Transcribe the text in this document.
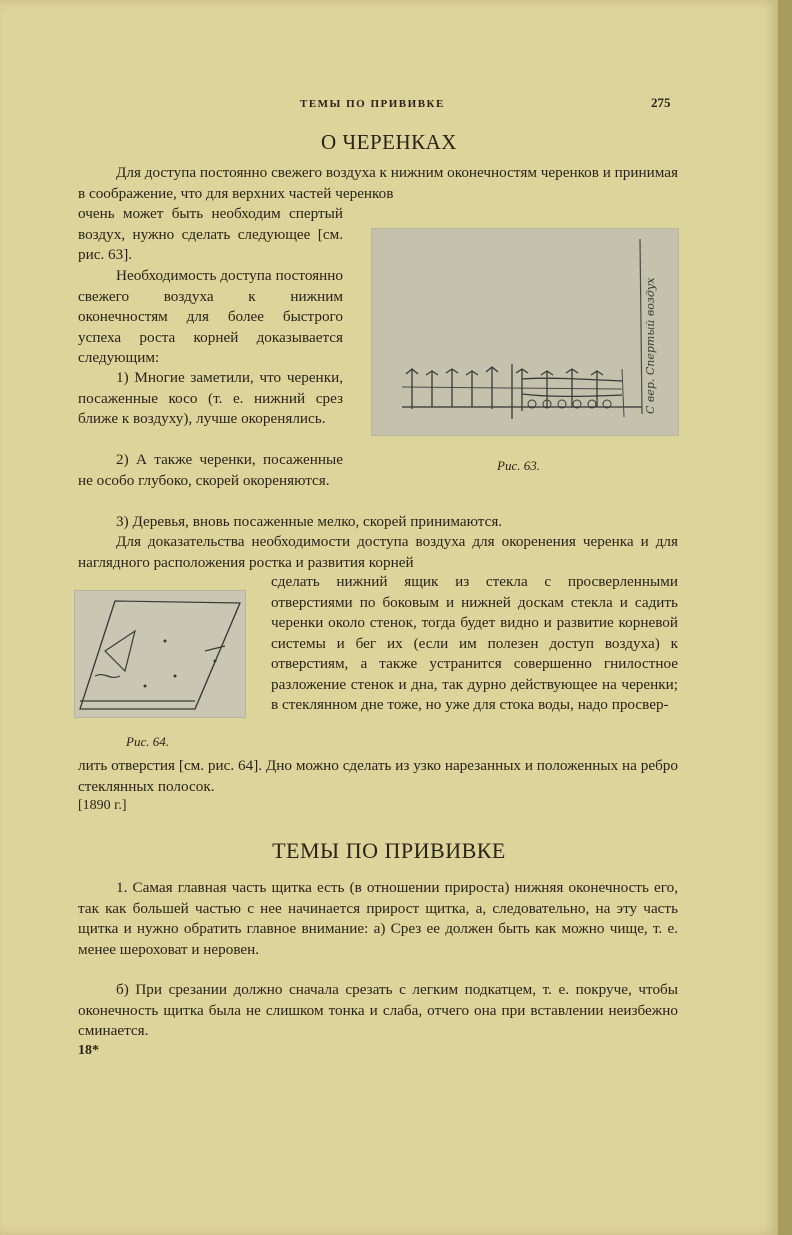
ТЕМЫ ПО ПРИВИВКЕ	275
О ЧЕРЕНКАХ

Для доступа постоянно свежего воздуха к нижним оконечностям черенков и принимая в соображение, что для верхних частей черенков

очень может быть необходим спертый воздух, нужно сделать следующее [см. рис. 63].

Необходимость доступа постоянно свежего воздуха к нижним оконечностям для более быстрого успеха роста корней доказывается следующим:

1) Многие заметили, что черенки, посаженные косо (т. е. нижний срез ближе к воздуху), лучше окоренялись.

2) А также черенки, посаженные не особо глубоко, скорей окореняются.

С вер. Спертый воздух
Рис. 63.

3) Деревья, вновь посаженные мелко, скорей принимаются.

Для доказательства необходимости доступа воздуха для окоренения черенка и для наглядного расположения ростка и развития корней

Рис. 64.

сделать нижний ящик из стекла с просверленными отверстиями по боковым и нижней доскам стекла и садить черенки около стенок, тогда будет видно и развитие корневой системы и бег их (если им полезен доступ воздуха) к отверстиям, а также устранится совершенно гнилостное разложение стенок и дна, так дурно действующее на черенки; в стеклянном дне тоже, но уже для стока воды, надо просвер-

лить отверстия [см. рис. 64]. Дно можно сделать из узко нарезанных и положенных на ребро стеклянных полосок.

[1890 г.]
ТЕМЫ ПО ПРИВИВКЕ

1. Самая главная часть щитка есть (в отношении прироста) нижняя оконечность его, так как большей частью с нее начинается прирост щитка, а, следовательно, на эту часть щитка и нужно обратить главное внимание: а) Срез ее должен быть как можно чище, т. е. менее шероховат и неровен.

б) При срезании должно сначала срезать с легким подкатцем, т. е. покруче, чтобы оконечность щитка была не слишком тонка и слаба, отчего она при вставлении неизбежно сминается.

18*
